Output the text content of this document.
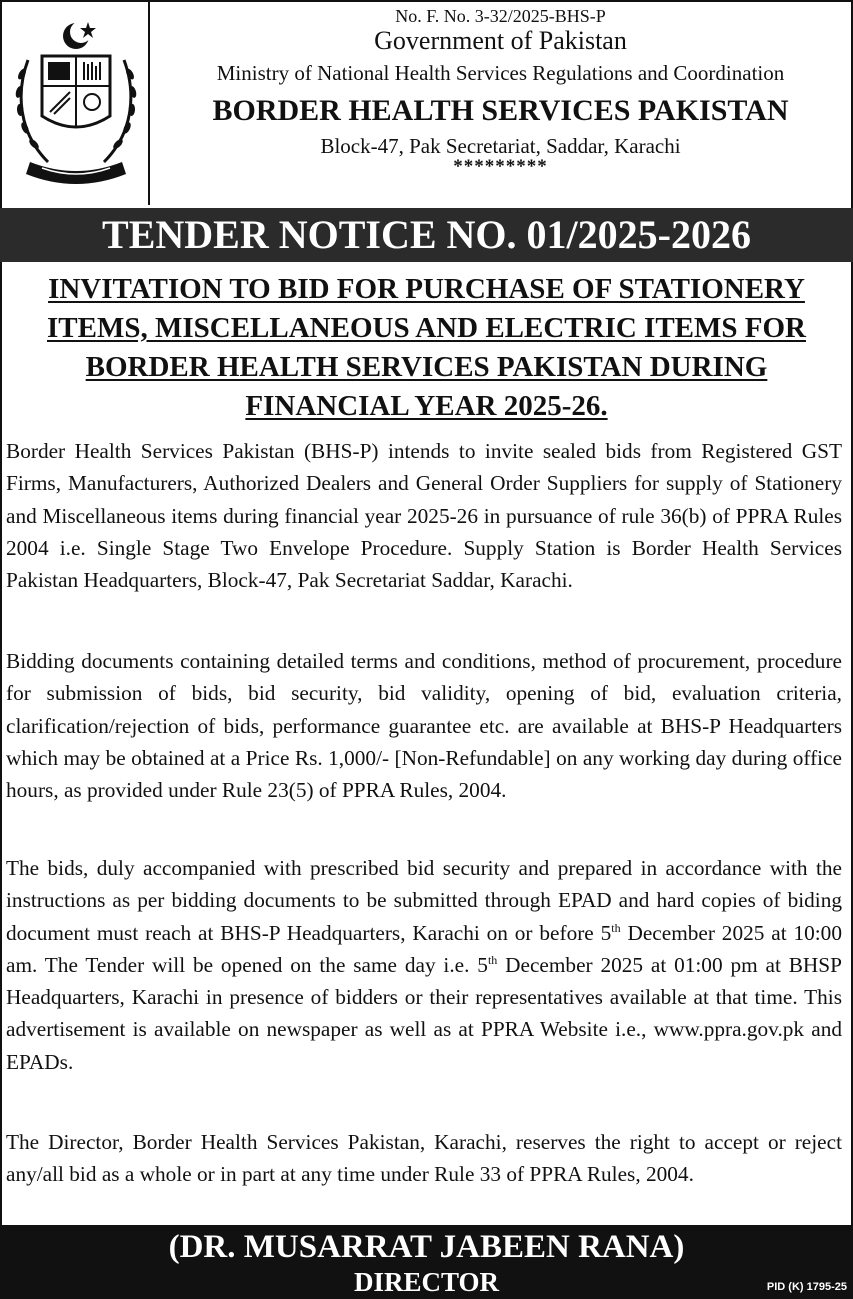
No. F. No. 3-32/2025-BHS-P
Government of Pakistan
Ministry of National Health Services Regulations and Coordination
BORDER HEALTH SERVICES PAKISTAN
Block-47, Pak Secretariat, Saddar, Karachi
*********
TENDER NOTICE NO. 01/2025-2026
INVITATION TO BID FOR PURCHASE OF STATIONERY
ITEMS, MISCELLANEOUS AND ELECTRIC ITEMS FOR
BORDER HEALTH SERVICES PAKISTAN DURING
FINANCIAL YEAR 2025-26.

Border Health Services Pakistan (BHS-P) intends to invite sealed bids from Registered GST Firms, Manufacturers, Authorized Dealers and General Order Suppliers for supply of Stationery and Miscellaneous items during financial year 2025-26 in pursuance of rule 36(b) of PPRA Rules 2004 i.e. Single Stage Two Envelope Procedure. Supply Station is Border Health Services Pakistan Headquarters, Block-47, Pak Secretariat Saddar, Karachi.

Bidding documents containing detailed terms and conditions, method of procurement, procedure for submission of bids, bid security, bid validity, opening of bid, evaluation criteria, clarification/rejection of bids, performance guarantee etc. are available at BHS-P Headquarters which may be obtained at a Price Rs. 1,000/- [Non-Refundable] on any working day during office hours, as provided under Rule 23(5) of PPRA Rules, 2004.

The bids, duly accompanied with prescribed bid security and prepared in accordance with the instructions as per bidding documents to be submitted through EPAD and hard copies of biding document must reach at BHS-P Headquarters, Karachi on or before 5th December 2025 at 10:00 am. The Tender will be opened on the same day i.e. 5th December 2025 at 01:00 pm at BHSP Headquarters, Karachi in presence of bidders or their representatives available at that time. This advertisement is available on newspaper as well as at PPRA Website i.e., www.ppra.gov.pk and EPADs.

The Director, Border Health Services Pakistan, Karachi, reserves the right to accept or reject any/all bid as a whole or in part at any time under Rule 33 of PPRA Rules, 2004.

(DR. MUSARRAT JABEEN RANA)
DIRECTOR	PID (K) 1795-25
